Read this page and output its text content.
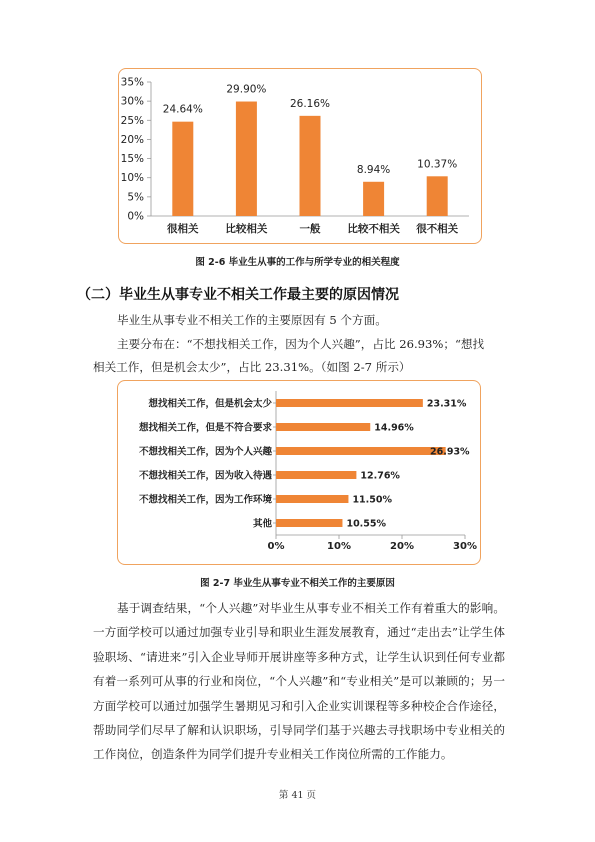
0%
5%
10%
15%
20%
25%
30%
35%
24.64%
很相关
29.90%
比较相关
26.16%
一般
8.94%
比较不相关
10.37%
很不相关
图 2-6 毕业生从事的工作与所学专业的相关程度
（二）毕业生从事专业不相关工作最主要的原因情况
毕业生从事专业不相关工作的主要原因有 5 个方面。
主要分布在：“不想找相关工作，因为个人兴趣”，占比 26.93%；“想找
相关工作，但是机会太少”，占比 23.31%。（如图 2-7 所示）
0%	10%	20%	30%
想找相关工作，但是机会太少	23.31%
想找相关工作，但是不符合要求	14.96%
不想找相关工作，因为个人兴趣	26.93%
不想找相关工作，因为收入待遇	12.76%
不想找相关工作，因为工作环境	11.50%
其他	10.55%
图 2-7 毕业生从事专业不相关工作的主要原因
基于调查结果，“个人兴趣”对毕业生从事专业不相关工作有着重大的影响。一方面学校可以通过加强专业引导和职业生涯发展教育，通过“走出去”让学生体验职场、“请进来”引入企业导师开展讲座等多种方式，让学生认识到任何专业都有着一系列可从事的行业和岗位，“个人兴趣”和“专业相关”是可以兼顾的；另一方面学校可以通过加强学生暑期见习和引入企业实训课程等多种校企合作途径，帮助同学们尽早了解和认识职场，引导同学们基于兴趣去寻找职场中专业相关的工作岗位，创造条件为同学们提升专业相关工作岗位所需的工作能力。
第 41 页
